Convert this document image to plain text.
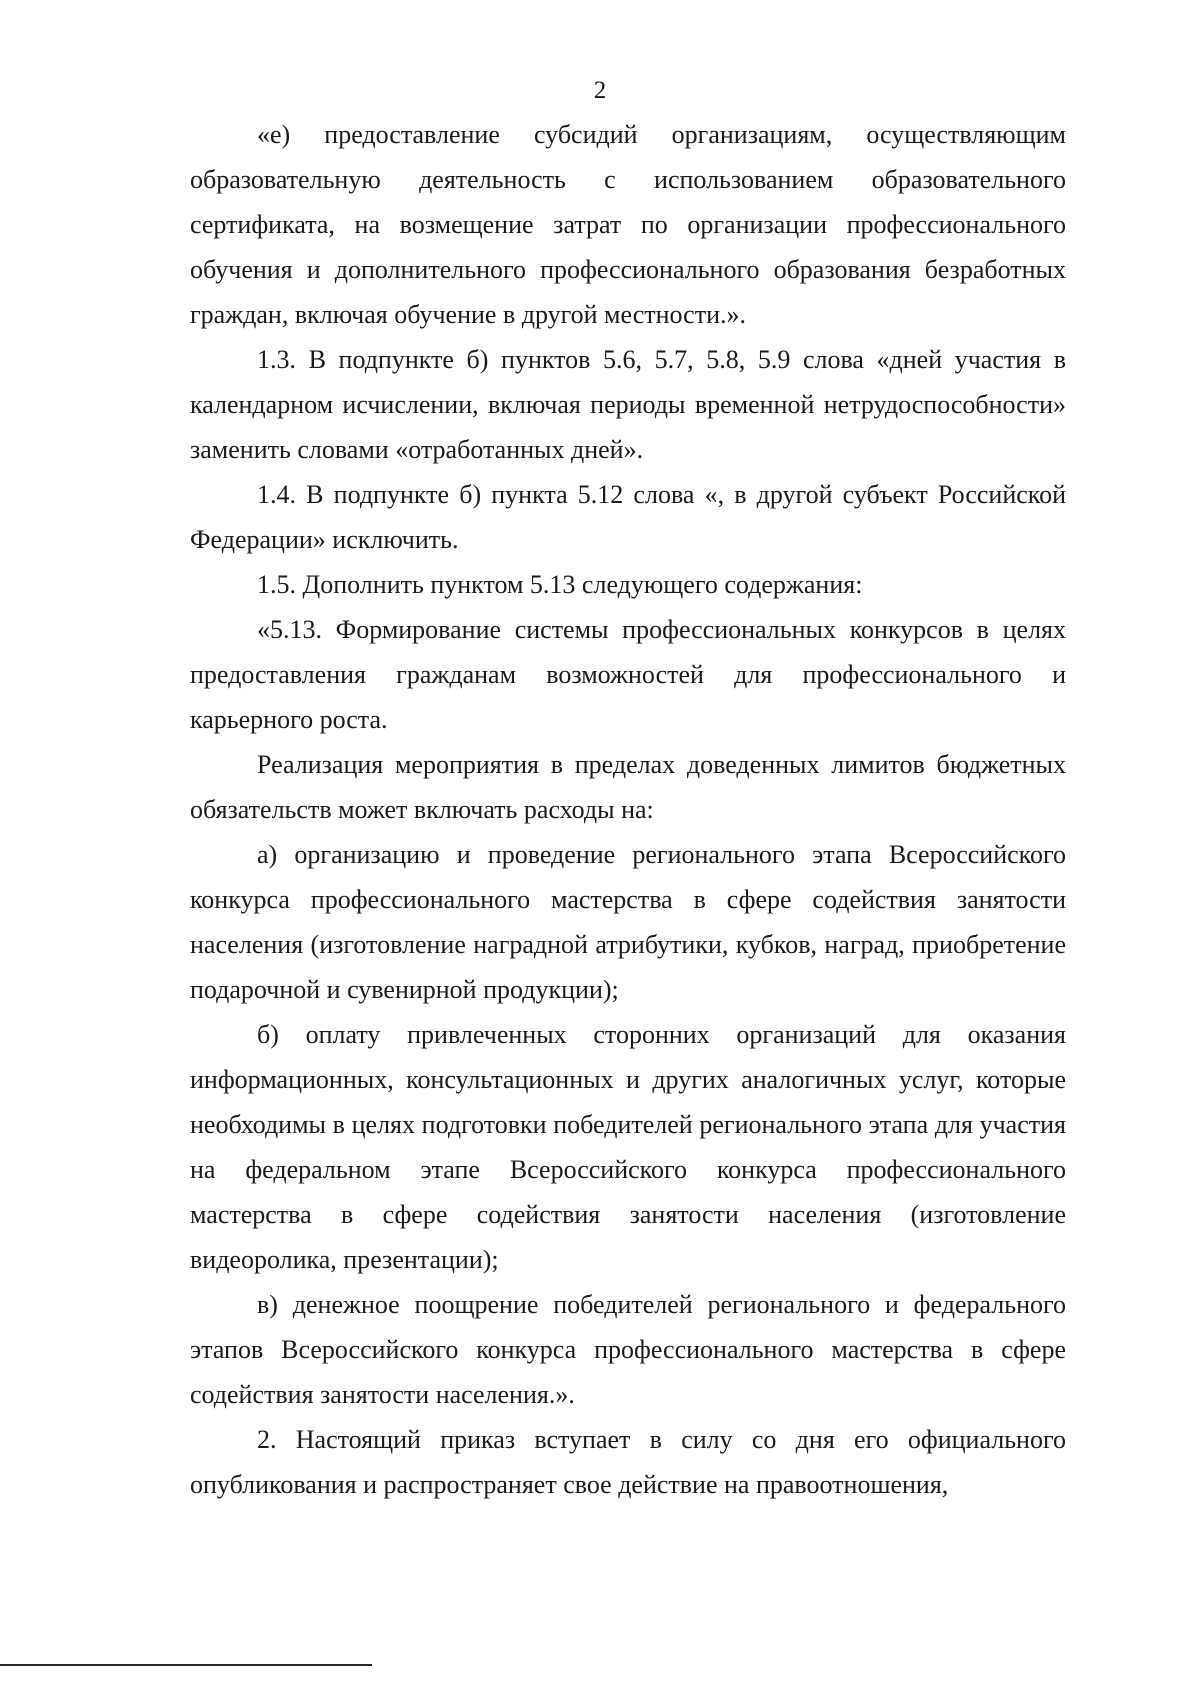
2

«е) предоставление субсидий организациям, осуществляющим образовательную деятельность с использованием образовательного сертификата, на возмещение затрат по организации профессионального обучения и дополнительного профессионального образования безработных граждан, включая обучение в другой местности.».

1.3. В подпункте б) пунктов 5.6, 5.7, 5.8, 5.9 слова «дней участия в календарном исчислении, включая периоды временной нетрудоспособности» заменить словами «отработанных дней».

1.4. В подпункте б) пункта 5.12 слова «, в другой субъект Российской Федерации» исключить.

1.5. Дополнить пунктом 5.13 следующего содержания:

«5.13. Формирование системы профессиональных конкурсов в целях предоставления гражданам возможностей для профессионального и карьерного роста.

Реализация мероприятия в пределах доведенных лимитов бюджетных обязательств может включать расходы на:

а) организацию и проведение регионального этапа Всероссийского конкурса профессионального мастерства в сфере содействия занятости населения (изготовление наградной атрибутики, кубков, наград, приобретение подарочной и сувенирной продукции);

б) оплату привлеченных сторонних организаций для оказания информационных, консультационных и других аналогичных услуг, которые необходимы в целях подготовки победителей регионального этапа для участия на федеральном этапе Всероссийского конкурса профессионального мастерства в сфере содействия занятости населения (изготовление видеоролика, презентации);

в) денежное поощрение победителей регионального и федерального этапов Всероссийского конкурса профессионального мастерства в сфере содействия занятости населения.».

2. Настоящий приказ вступает в силу со дня его официального опубликования и распространяет свое действие на правоотношения,
